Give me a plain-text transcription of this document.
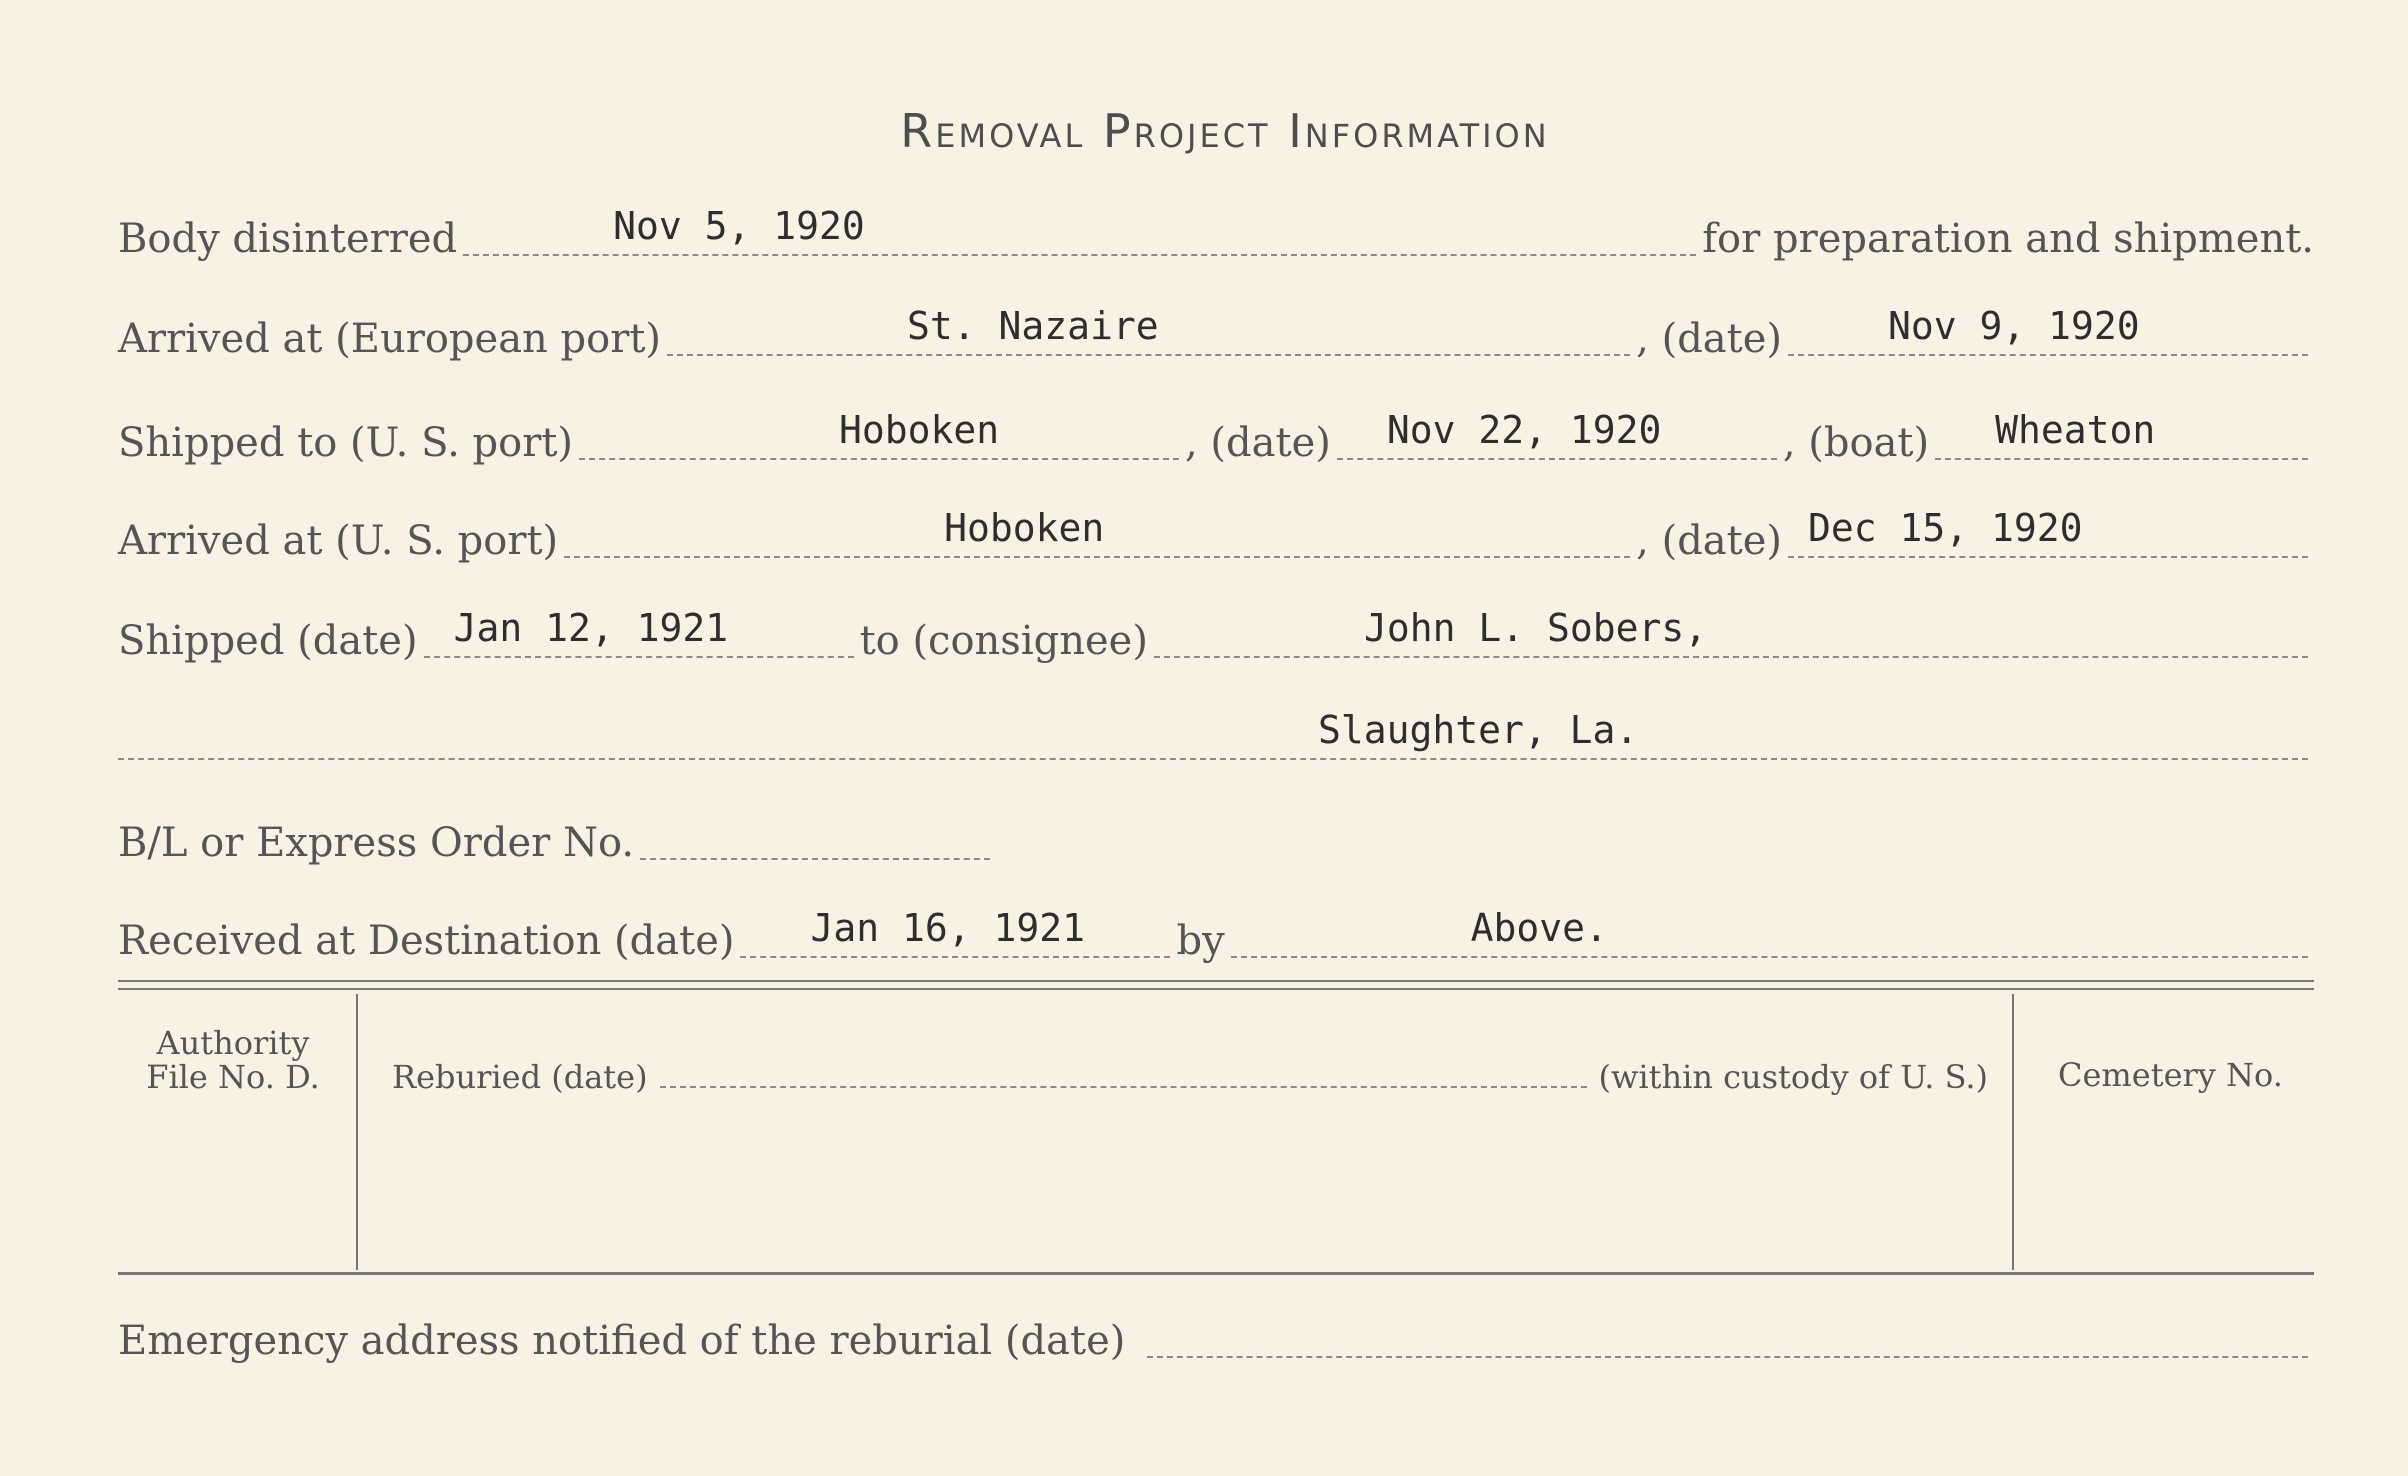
Removal Project Information
Body disinterred	Nov 5, 1920	for preparation and shipment.
Arrived at (European port)	St. Nazaire	, (date)	Nov 9, 1920
Shipped to (U. S. port)	Hoboken	, (date) Nov 22, 1920	, (boat) Wheaton
Arrived at (U. S. port)	Hoboken	, (date) Dec 15, 1920
Shipped (date) Jan 12, 1921	to (consignee)	John L. Sobers,
Slaughter, La.
B/L or Express Order No.
Received at Destination (date) Jan 16, 1921 by	Above.
Authority
File No. D.	Reburied (date)	(within custody of U. S.) Cemetery No.
Emergency address notified of the reburial (date)
